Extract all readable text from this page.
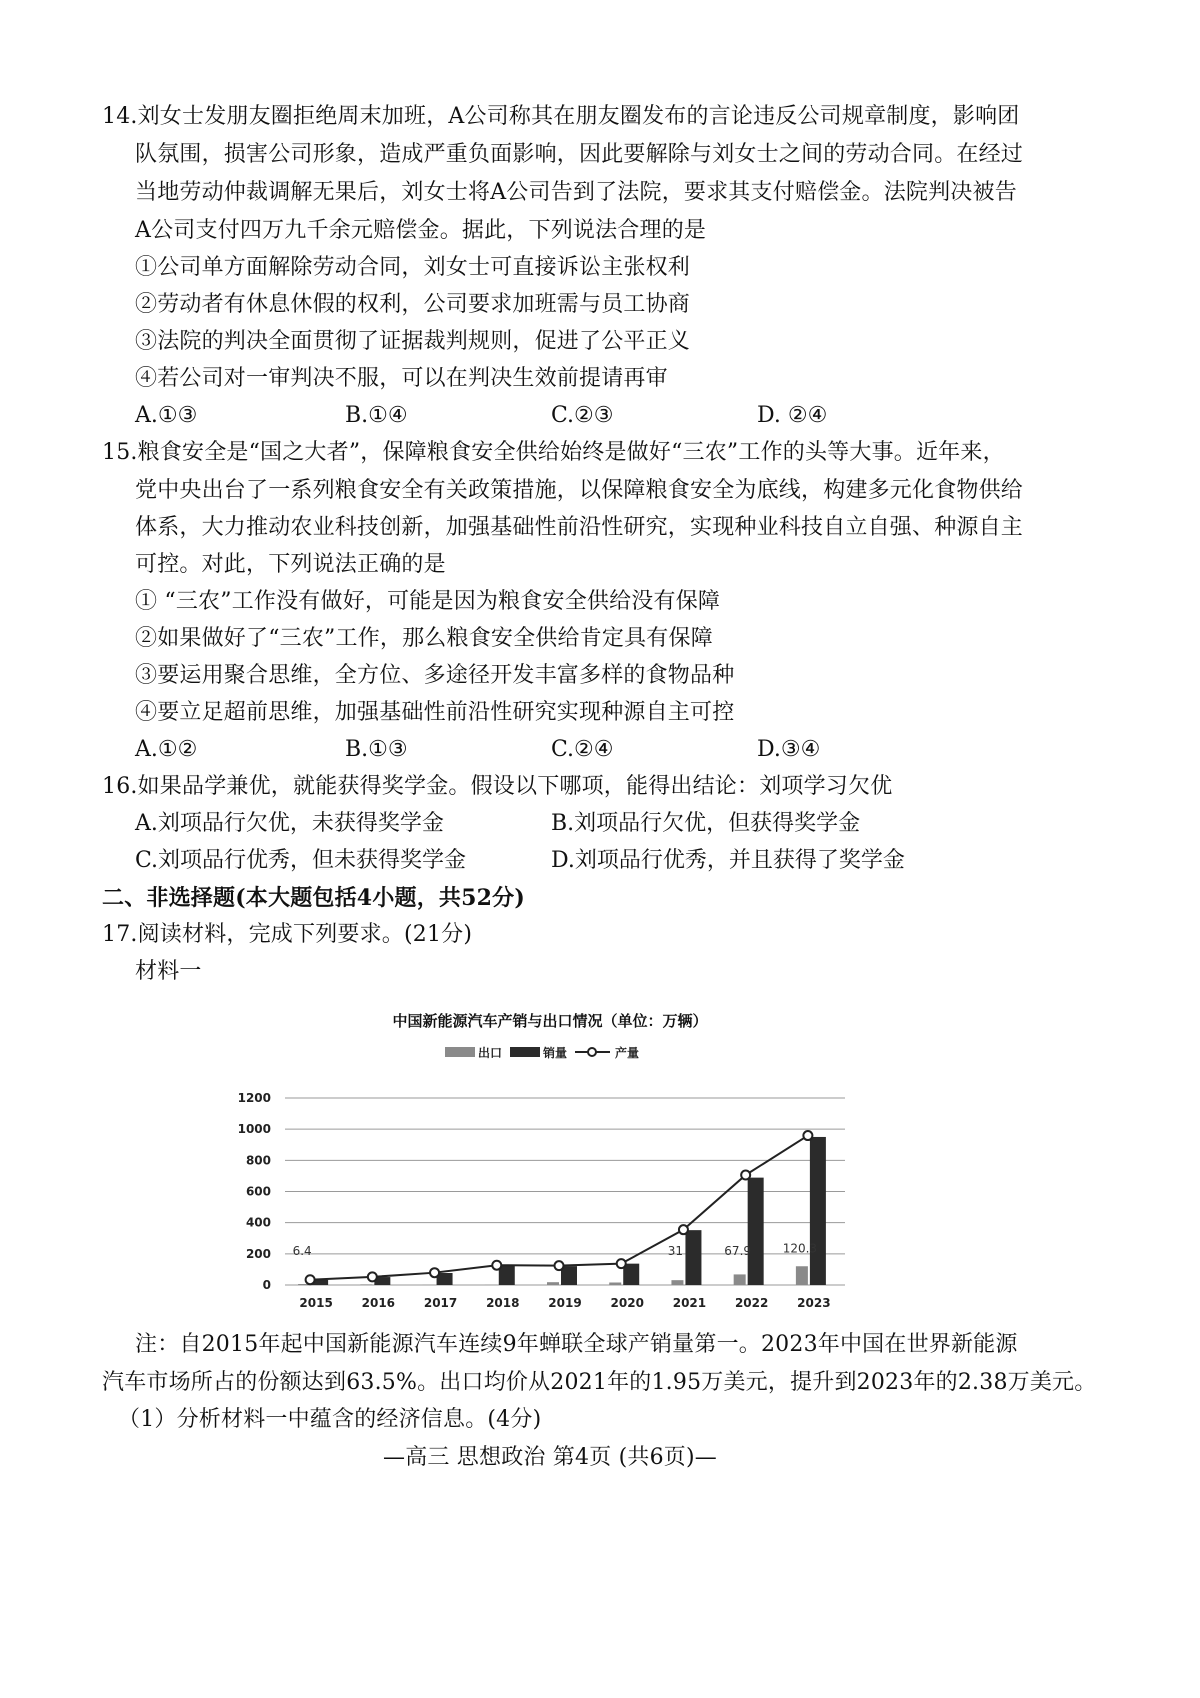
14.刘女士发朋友圈拒绝周末加班，A公司称其在朋友圈发布的言论违反公司规章制度，影响团
队氛围，损害公司形象，造成严重负面影响，因此要解除与刘女士之间的劳动合同。在经过
当地劳动仲裁调解无果后，刘女士将A公司告到了法院，要求其支付赔偿金。法院判决被告
A公司支付四万九千余元赔偿金。据此，下列说法合理的是
①公司单方面解除劳动合同，刘女士可直接诉讼主张权利
②劳动者有休息休假的权利，公司要求加班需与员工协商
③法院的判决全面贯彻了证据裁判规则，促进了公平正义
④若公司对一审判决不服，可以在判决生效前提请再审
A.①③	B.①④	C.②③	D. ②④
15.粮食安全是“国之大者”，保障粮食安全供给始终是做好“三农”工作的头等大事。近年来，
党中央出台了一系列粮食安全有关政策措施，以保障粮食安全为底线，构建多元化食物供给
体系，大力推动农业科技创新，加强基础性前沿性研究，实现种业科技自立自强、种源自主
可控。对此，下列说法正确的是
① “三农”工作没有做好，可能是因为粮食安全供给没有保障
②如果做好了“三农”工作，那么粮食安全供给肯定具有保障
③要运用聚合思维，全方位、多途径开发丰富多样的食物品种
④要立足超前思维，加强基础性前沿性研究实现种源自主可控
A.①②	B.①③	C.②④	D.③④
16.如果品学兼优，就能获得奖学金。假设以下哪项，能得出结论：刘项学习欠优
A.刘项品行欠优，未获得奖学金	B.刘项品行欠优，但获得奖学金
C.刘项品行优秀，但未获得奖学金	D.刘项品行优秀，并且获得了奖学金
二、非选择题(本大题包括4小题，共52分)
17.阅读材料，完成下列要求。(21分)
材料一
中国新能源汽车产销与出口情况（单位：万辆）
0
200
400
600
800
1000
1200
2015
6.4
2016 2017 2018 2019 2020 2021
31
2022
67.9
2023
120.3
出口	销量	产量
注：自2015年起中国新能源汽车连续9年蝉联全球产销量第一。2023年中国在世界新能源
汽车市场所占的份额达到63.5%。出口均价从2021年的1.95万美元，提升到2023年的2.38万美元。
（1）分析材料一中蕴含的经济信息。(4分)
—高三 思想政治 第4页 (共6页)—
